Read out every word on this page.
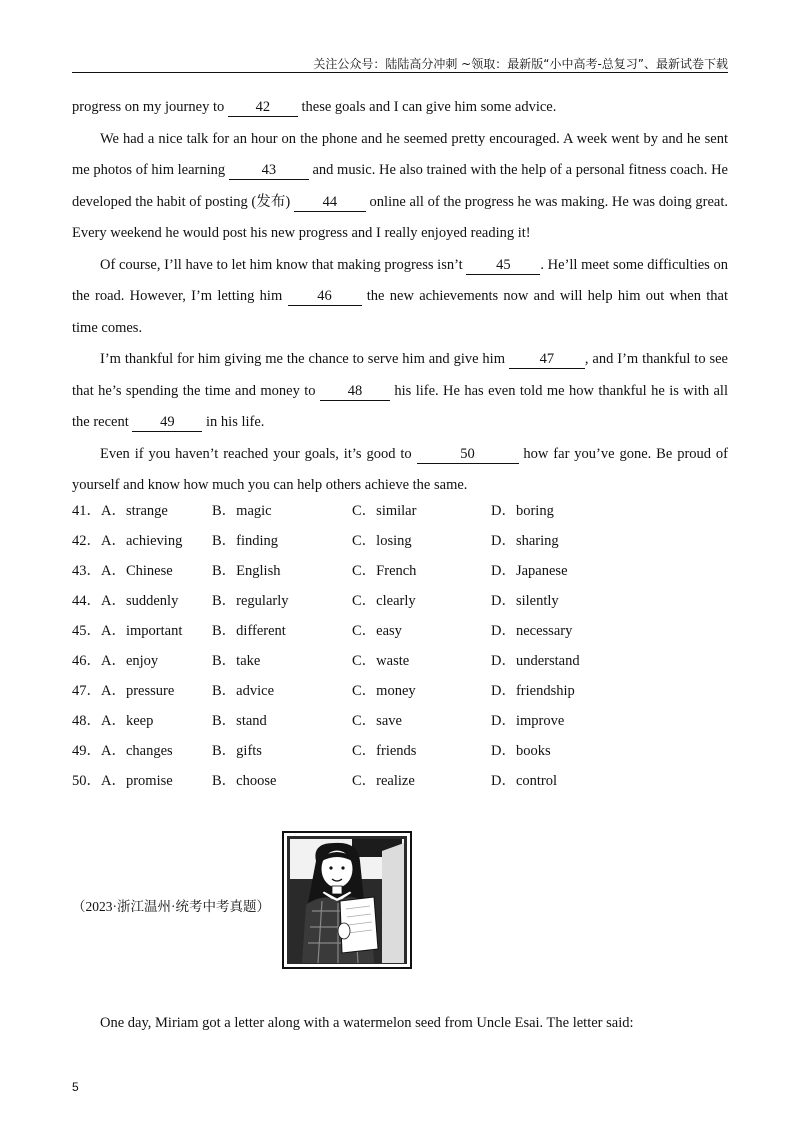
关注公众号：陆陆高分冲刺 ~领取：最新版“小中高考-总复习”、最新试卷下载

progress on my journey to 42 these goals and I can give him some advice.

We had a nice talk for an hour on the phone and he seemed pretty encouraged. A week went by and he sent me photos of him learning 43 and music. He also trained with the help of a personal fitness coach. He developed the habit of posting (发布) 44 online all of the progress he was making. He was doing great. Every weekend he would post his new progress and I really enjoyed reading it!

Of course, I’ll have to let him know that making progress isn’t 45 . He’ll meet some difficulties on the road. However, I’m letting him 46 the new achievements now and will help him out when that time comes.

I’m thankful for him giving me the chance to serve him and give him 47 , and I’m thankful to see that he’s spending the time and money to 48 his life. He has even told me how thankful he is with all the recent 49 in his life.

Even if you haven’t reached your goals, it’s good to	50	how far you’ve gone. Be proud of yourself and know how much you can help others achieve the same.

41．A．strange	B．magic	C．similar	D．boring
42．A．achieving B．finding	C．losing	D．sharing
43．A．Chinese	B．English	C．French	D．Japanese
44．A．suddenly B．regularly	C．clearly	D．silently
45．A．important B．different	C．easy	D．necessary
46．A．enjoy	B．take	C．waste	D．understand
47．A．pressure	B．advice	C．money	D．friendship
48．A．keep	B．stand	C．save	D．improve
49．A．changes	B．gifts	C．friends	D．books
50．A．promise	B．choose	C．realize	D．control
（2023·浙江温州·统考中考真题）
One day, Miriam got a letter along with a watermelon seed from Uncle Esai. The letter said:
5
